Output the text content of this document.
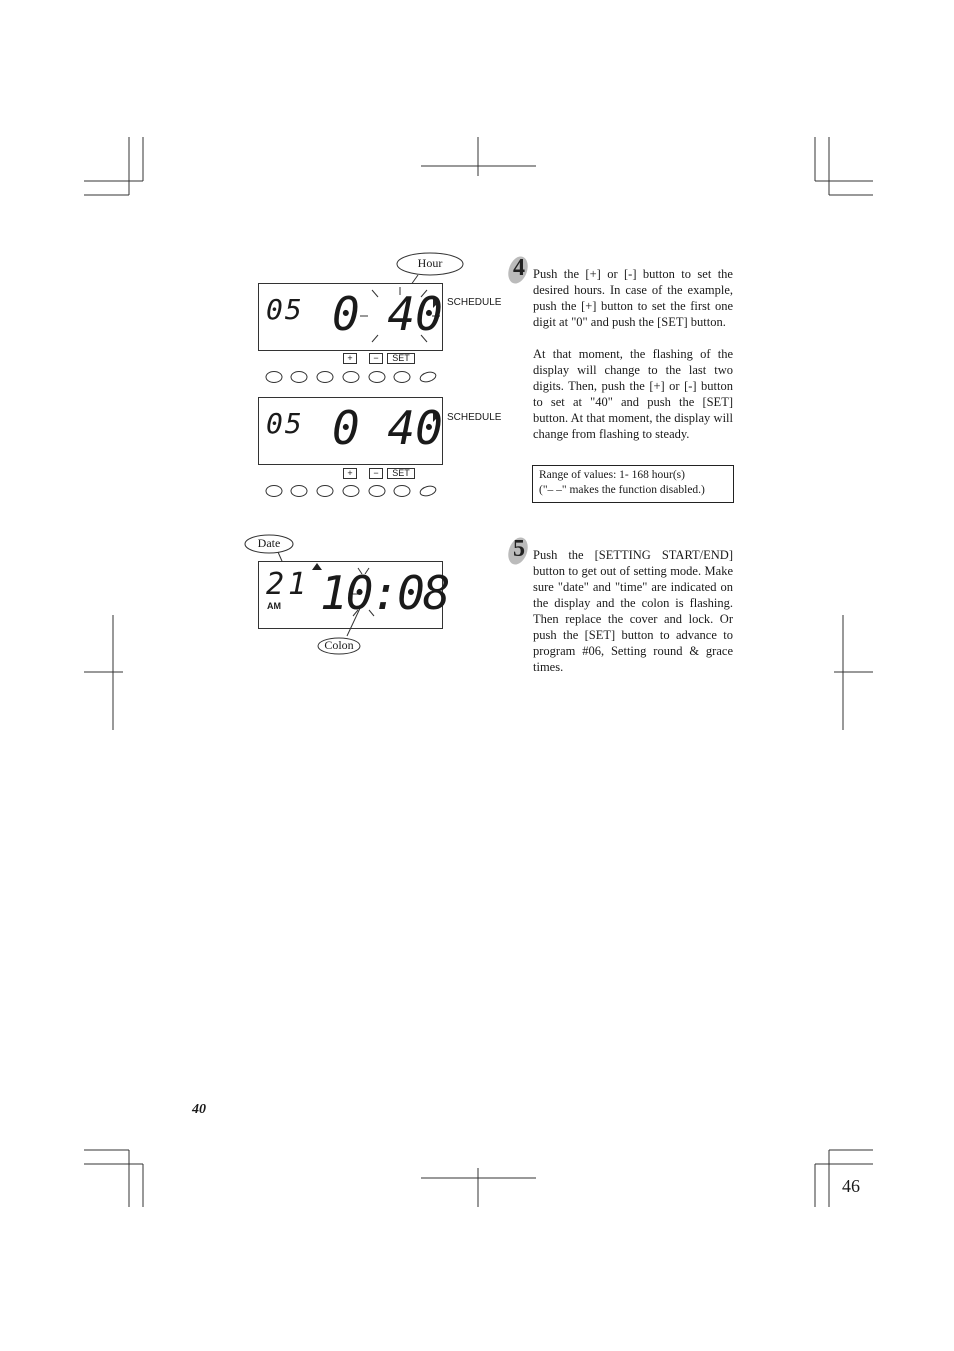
Hour
05 0 40 SCHEDULE
+	−	SET
05 0 40 SCHEDULE
+	−	SET
Date
21
AM 10:08
Colon
4 Push the [+] or [-] button to set the desired hours. In case of the example, push the [+] button to set the first one digit at "0" and push the [SET] button.
At that moment, the flashing of the display will change to the last two digits. Then, push the [+] or [-] button to set at "40" and push the [SET] button. At that moment, the display will change from flashing to steady.
Range of values: 1- 168 hour(s)
("– –" makes the function disabled.)
5 Push the [SETTING START/END] button to get out of setting mode. Make sure "date" and "time" are indicated on the display and the colon is flashing. Then replace the cover and lock. Or push the [SET] button to advance to program #06, Setting round & grace times.
40
46
